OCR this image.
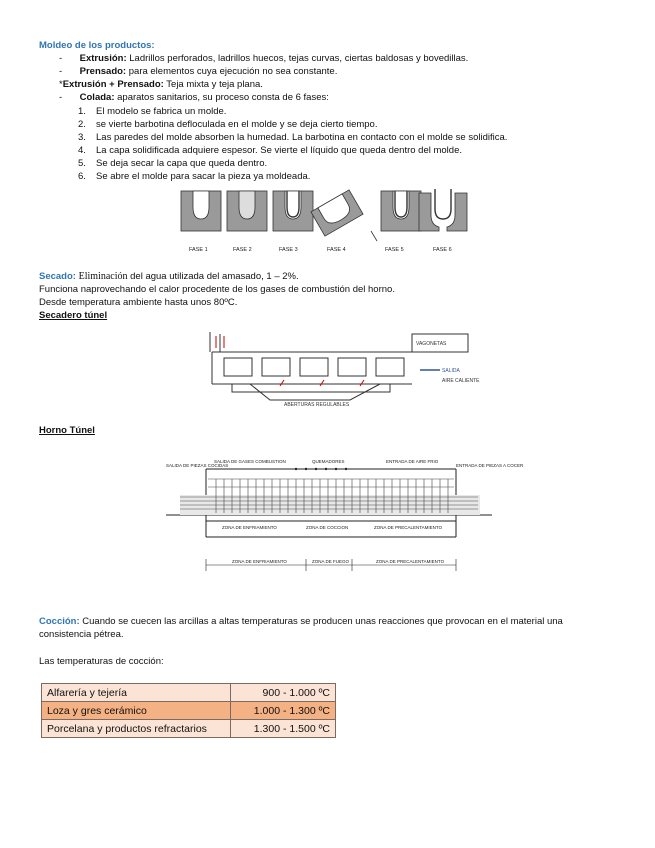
Moldeo de los productos:
- Extrusión: Ladrillos perforados, ladrillos huecos, tejas curvas, ciertas baldosas y bovedillas.
- Prensado: para elementos cuya ejecución no sea constante.
*Extrusión + Prensado: Teja mixta y teja plana.
- Colada: aparatos sanitarios, su proceso consta de 6 fases:
1. El modelo se fabrica un molde.
2. se vierte barbotina defloculada en el molde y se deja cierto tiempo.
3. Las paredes del molde absorben la humedad. La barbotina en contacto con el molde se solidifica.
4. La capa solidificada adquiere espesor. Se vierte el líquido que queda dentro del molde.
5. Se deja secar la capa que queda dentro.
6. Se abre el molde para sacar la pieza ya moldeada.
FASE 1	FASE 2	FASE 3	FASE 4	FASE 5	FASE 6
Secado: Eliminación del agua utilizada del amasado, 1 – 2%.
Funciona naprovechando el calor procedente de los gases de combustión del horno.
Desde temperatura ambiente hasta unos 80ºC.
Secadero túnel
VAGONETAS
SALIDA
AIRE CALIENTE
ABERTURAS REGULABLES
Horno Túnel
SALIDA DE GASES COMBUSTION	QUEMADORES	ENTRADA DE AIRE FRIO
SALIDA DE PIEZAS COCIDAS	ENTRADA DE PIEZAS A COCER
ZONA DE ENFRIAMIENTO	ZONA DE COCCION	ZONA DE PRECALENTAMIENTO
ZONA DE ENFRIAMIENTO	ZONA DE FUEGO	ZONA DE PRECALENTAMIENTO
Cocción: Cuando se cuecen las arcillas a altas temperaturas se producen unas reacciones que provocan en el material una consistencia pétrea.
Las temperaturas de cocción:
Alfarería y tejería	900 - 1.000 ºC
Loza y gres cerámico	1.000 - 1.300 ºC
Porcelana y productos refractarios	1.300 - 1.500 ºC
